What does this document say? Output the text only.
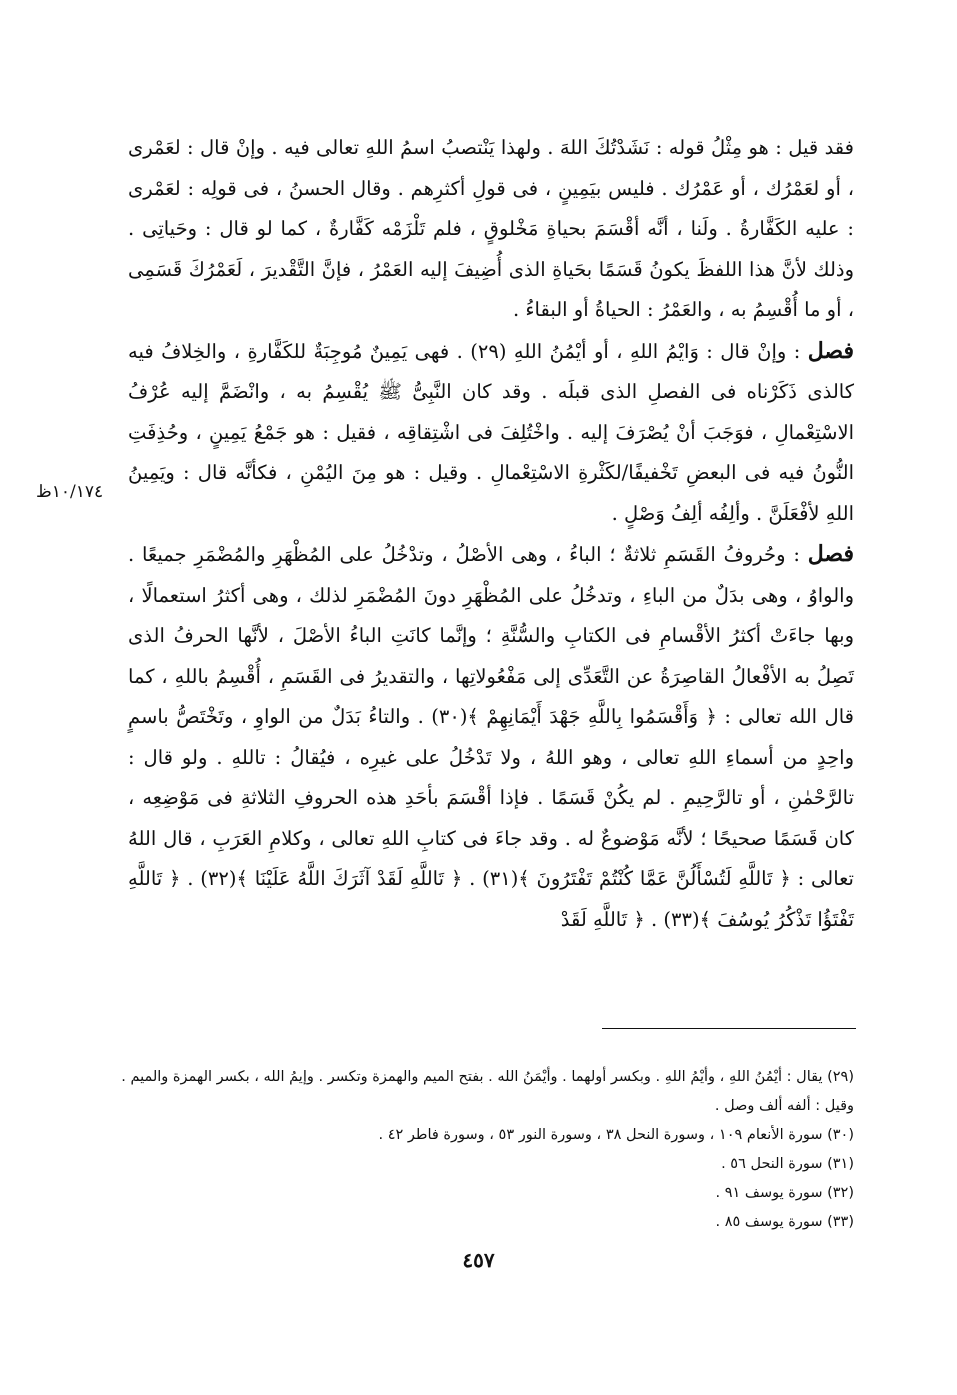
فقد قيل : هو مِثْلُ قوله : نَشَدْتُكَ اللهَ . ولهذا يَنْتصبُ اسمُ اللهِ تعالى فيه . وإنْ قال : لعَمْرى ، أو لعَمْرُك ، أو عَمْرُك . فليس بيَمِينٍ ، فى قولِ أكثرِهم . وقال الحسنُ ، فى قولِه : لعَمْرى : عليه الكَفَّارةُ . ولَنا ، أنَّه أقْسَمَ بحياةِ مَخْلوقٍ ، فلم تَلْزَمْه كَفَّارةٌ ، كما لو قال : وحَياتِى . وذلك لأنَّ هذا اللفظَ يكونُ قَسَمًا بحَياةِ الذى أُضِيفَ إليه العَمْرُ ، فإنَّ التَّقْديرَ ، لَعَمْرُكَ قَسَمِى ، أو ما أُقْسِمُ به ، والعَمْرُ : الحياةُ أو البقاءُ .

فصل : وإنْ قال : وَايْمُ اللهِ ، أو أيْمُنُ اللهِ (٢٩) . فهى يَمِينٌ مُوجِبَةٌ للكَفَّارةِ ، والخِلافُ فيه كالذى ذَكَرْناه فى الفصلِ الذى قبلَه . وقد كان النَّبِىُّ ﷺ يُقْسِمُ به ، وانْضَمَّ إليه عُرْفُ الاسْتِعْمالِ ، فوَجَبَ أنْ يُصْرَفَ إليه . واخْتُلِفَ فى اشْتِقاقِه ، فقيل : هو جَمْعُ يَمِينٍ ، وحُذِفَتِ النُّونُ فيه فى البعضِ تَخْفيفًا/لكَثْرةِ الاسْتِعْمالِ . وقيل : هو مِنَ اليُمْنِ ، فكأنَّه قال : ويَمِينُ اللهِ لأفْعَلَنَّ . وألِفُه ألِفُ وَصْلٍ .

فصل : وحُروفُ القَسَمِ ثلاثةٌ ؛ الباءُ ، وهى الأصْلُ ، وتدْخُلُ على المُظْهَرِ والمُضْمَرِ جميعًا . والواوُ ، وهى بدَلٌ من الباءِ ، وتدخُلُ على المُظْهَرِ دونَ المُضْمَرِ لذلك ، وهى أكثرُ استعمالًا ، وبها جاءَتْ أكثرُ الأقْسامِ فى الكتابِ والسُّنَّةِ ؛ وإنَّما كانَتِ الباءُ الأصْلَ ، لأنَّها الحرفُ الذى تَصِلُ به الأفْعالُ القاصِرَةُ عن التَّعَدِّى إلى مَفْعُولاتِها ، والتقديرُ فى القَسَمِ ، أُقْسِمُ باللهِ ، كما قال الله تعالى : ﴿ وَأَقْسَمُوا بِاللَّهِ جَهْدَ أَيْمَانِهِمْ ﴾(٣٠) . والتاءُ بَدَلٌ من الواوِ ، وتَخْتَصُّ باسمٍ واحِدٍ من أسماءِ اللهِ تعالى ، وهو اللهُ ، ولا تَدْخُلُ على غيرِه ، فيُقالُ : تاللهِ . ولو قال : تالرَّحْمٰنِ ، أو تالرَّحِيمِ . لم يكُنْ قَسَمًا . فإذا أقْسَمَ بأحَدِ هذه الحروفِ الثلاثةِ فى مَوْضِعِه ، كان قَسَمًا صحيحًا ؛ لأنَّه مَوْضوعٌ له . وقد جاءَ فى كتابِ اللهِ تعالى ، وكلامِ العَرَبِ ، قال اللهُ تعالى : ﴿ تَاللَّهِ لَتُسْأَلُنَّ عَمَّا كُنْتُمْ تَفْتَرُونَ ﴾(٣١) . ﴿ تَاللَّهِ لَقَدْ آثَرَكَ اللَّهُ عَلَيْنَا ﴾(٣٢) . ﴿ تَاللَّهِ تَفْتَؤُا تَذْكُرُ يُوسُفَ ﴾(٣٣) . ﴿ تَاللَّهِ لَقَدْ

١٠/١٧٤ظ
(٢٩) يقال : أيْمُنُ اللهِ ، وأيْمُ اللهِ . وبكسر أولهما . وأيْمَنُ الله . بفتح الميم والهمزة وتكسر . وإيمُ الله ، بكسر الهمزة والميم .
وقيل : ألفه ألف وصل .
(٣٠) سورة الأنعام ١٠٩ ، وسورة النحل ٣٨ ، وسورة النور ٥٣ ، وسورة فاطر ٤٢ .
(٣١) سورة النحل ٥٦ .
(٣٢) سورة يوسف ٩١ .
(٣٣) سورة يوسف ٨٥ .
٤٥٧
